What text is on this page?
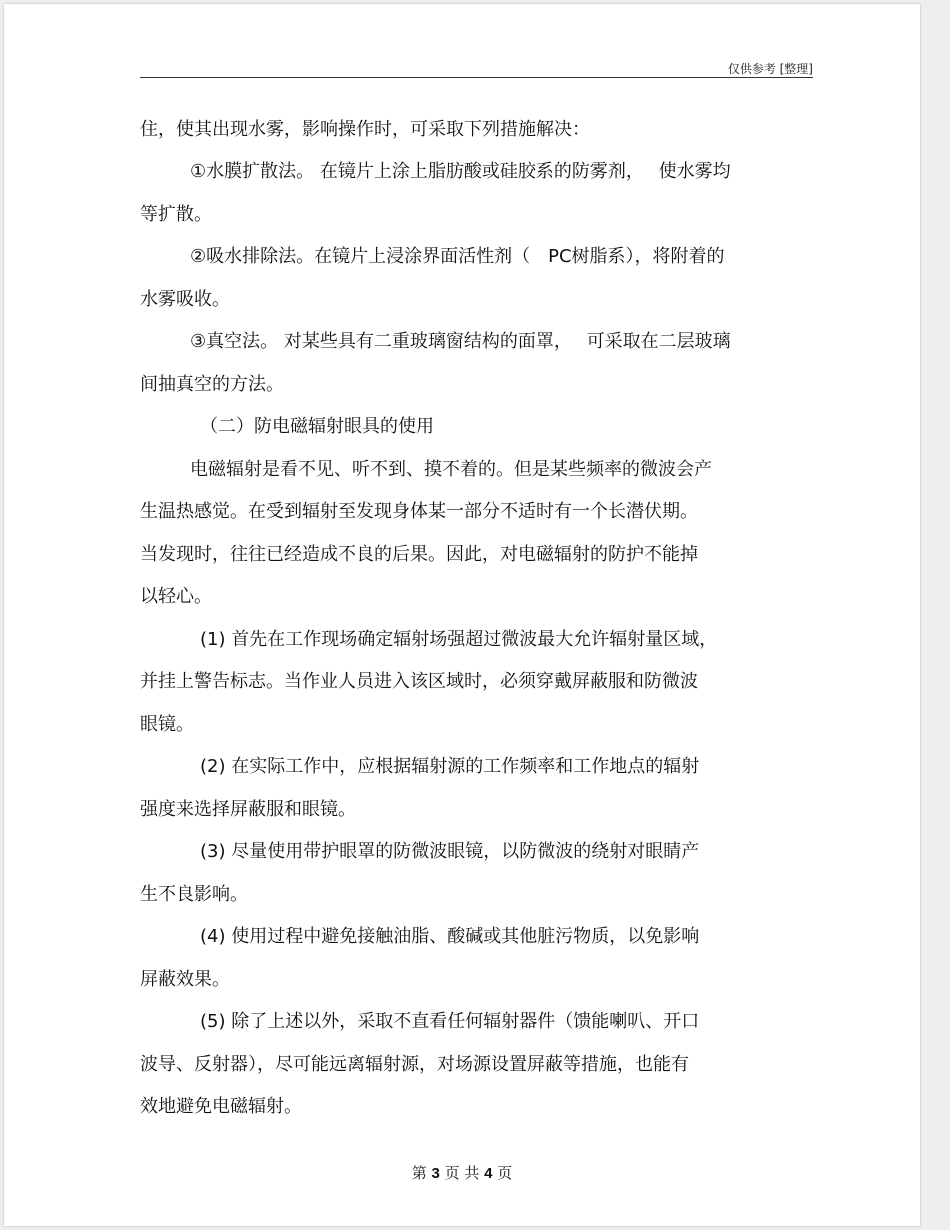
仅供参考 [整理]
住，使其出现水雾，影响操作时，可采取下列措施解决：
①水膜扩散法。 在镜片上涂上脂肪酸或硅胶系的防雾剂，　 使水雾均
等扩散。
②吸水排除法。在镜片上浸涂界面活性剂（　PC树脂系），将附着的
水雾吸收。
③真空法。 对某些具有二重玻璃窗结构的面罩，　 可采取在二层玻璃
间抽真空的方法。
（二）防电磁辐射眼具的使用
电磁辐射是看不见、听不到、摸不着的。但是某些频率的微波会产
生温热感觉。在受到辐射至发现身体某一部分不适时有一个长潜伏期。
当发现时，往往已经造成不良的后果。因此，对电磁辐射的防护不能掉
以轻心。
(1) 首先在工作现场确定辐射场强超过微波最大允许辐射量区域，
并挂上警告标志。当作业人员进入该区域时，必须穿戴屏蔽服和防微波
眼镜。
(2) 在实际工作中，应根据辐射源的工作频率和工作地点的辐射
强度来选择屏蔽服和眼镜。
(3) 尽量使用带护眼罩的防微波眼镜，以防微波的绕射对眼睛产
生不良影响。
(4) 使用过程中避免接触油脂、酸碱或其他脏污物质，以免影响
屏蔽效果。
(5) 除了上述以外，采取不直看任何辐射器件（馈能喇叭、开口
波导、反射器），尽可能远离辐射源，对场源设置屏蔽等措施，也能有
效地避免电磁辐射。
第 3 页 共 4 页
